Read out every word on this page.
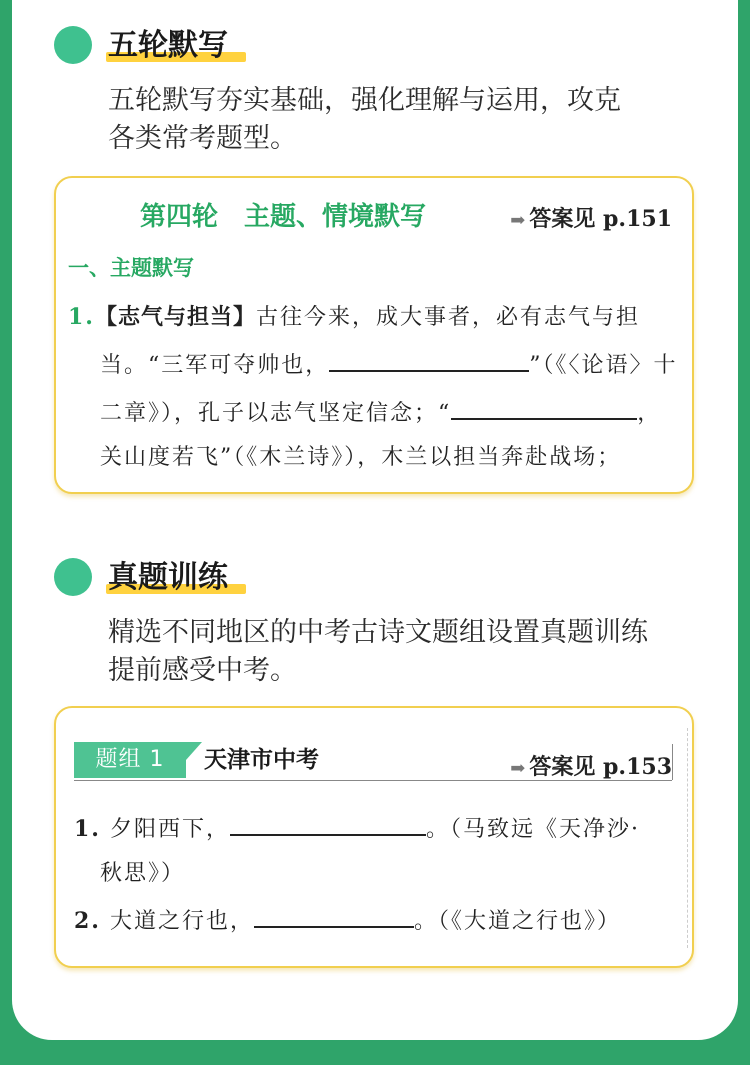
五轮默写
五轮默写夯实基础，强化理解与运用，攻克
各类常考题型。
第四轮　主题、情境默写	➡ 答案见 p.151
一、主题默写
1.【志气与担当】古往今来，成大事者，必有志气与担
当。“三军可夺帅也，	”（《〈论语〉十
二章》），孔子以志气坚定信念；“	，
关山度若飞”（《木兰诗》），木兰以担当奔赴战场；
真题训练
精选不同地区的中考古诗文题组设置真题训练
提前感受中考。
题组 1	天津市中考	➡ 答案见 p.153
1. 夕阳西下，	。（马致远《天净沙·
秋思》）
2. 大道之行也，	。（《大道之行也》）
